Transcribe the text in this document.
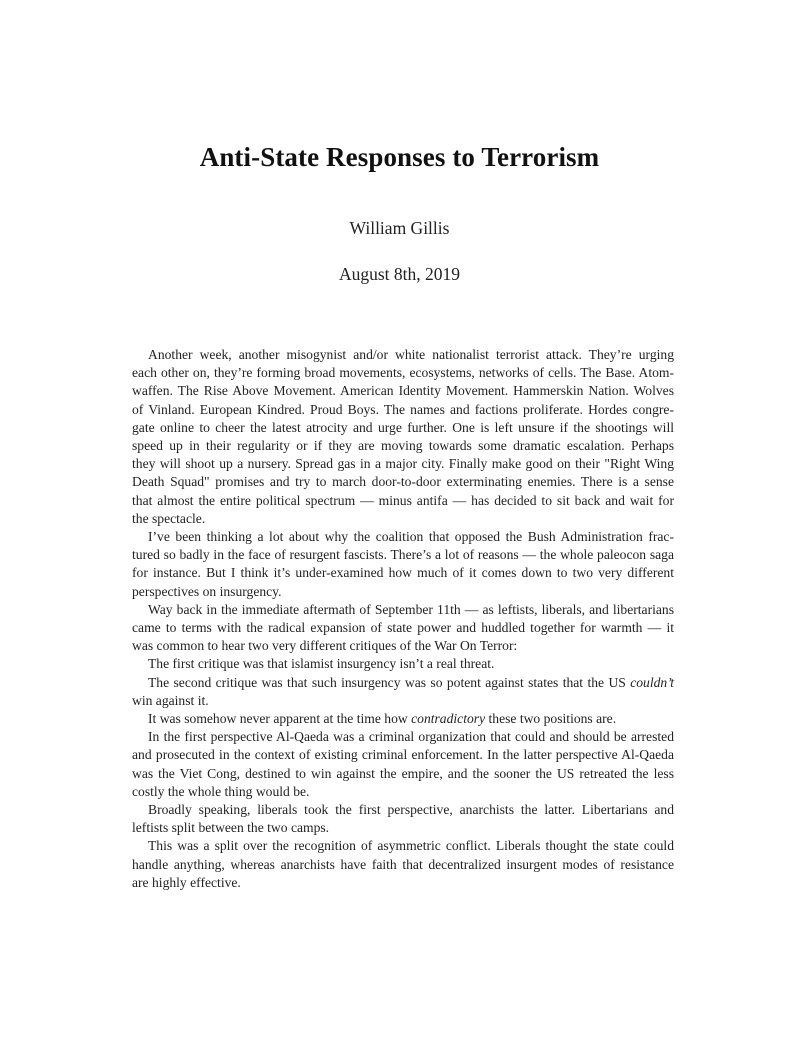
Anti-State Responses to Terrorism
William Gillis
August 8th, 2019

Another week, another misogynist and/or white nationalist terrorist attack. They’re urging
each other on, they’re forming broad movements, ecosystems, networks of cells. The Base. Atom-
waffen. The Rise Above Movement. American Identity Movement. Hammerskin Nation. Wolves
of Vinland. European Kindred. Proud Boys. The names and factions proliferate. Hordes congre-
gate online to cheer the latest atrocity and urge further. One is left unsure if the shootings will
speed up in their regularity or if they are moving towards some dramatic escalation. Perhaps
they will shoot up a nursery. Spread gas in a major city. Finally make good on their "Right Wing
Death Squad" promises and try to march door-to-door exterminating enemies. There is a sense
that almost the entire political spectrum — minus antifa — has decided to sit back and wait for
the spectacle.

I’ve been thinking a lot about why the coalition that opposed the Bush Administration frac-
tured so badly in the face of resurgent fascists. There’s a lot of reasons — the whole paleocon saga
for instance. But I think it’s under-examined how much of it comes down to two very different
perspectives on insurgency.

Way back in the immediate aftermath of September 11th — as leftists, liberals, and libertarians
came to terms with the radical expansion of state power and huddled together for warmth — it
was common to hear two very different critiques of the War On Terror:

The first critique was that islamist insurgency isn’t a real threat.

The second critique was that such insurgency was so potent against states that the US couldn’t
win against it.

It was somehow never apparent at the time how contradictory these two positions are.

In the first perspective Al-Qaeda was a criminal organization that could and should be arrested
and prosecuted in the context of existing criminal enforcement. In the latter perspective Al-Qaeda
was the Viet Cong, destined to win against the empire, and the sooner the US retreated the less
costly the whole thing would be.

Broadly speaking, liberals took the first perspective, anarchists the latter. Libertarians and
leftists split between the two camps.

This was a split over the recognition of asymmetric conflict. Liberals thought the state could
handle anything, whereas anarchists have faith that decentralized insurgent modes of resistance
are highly effective.
